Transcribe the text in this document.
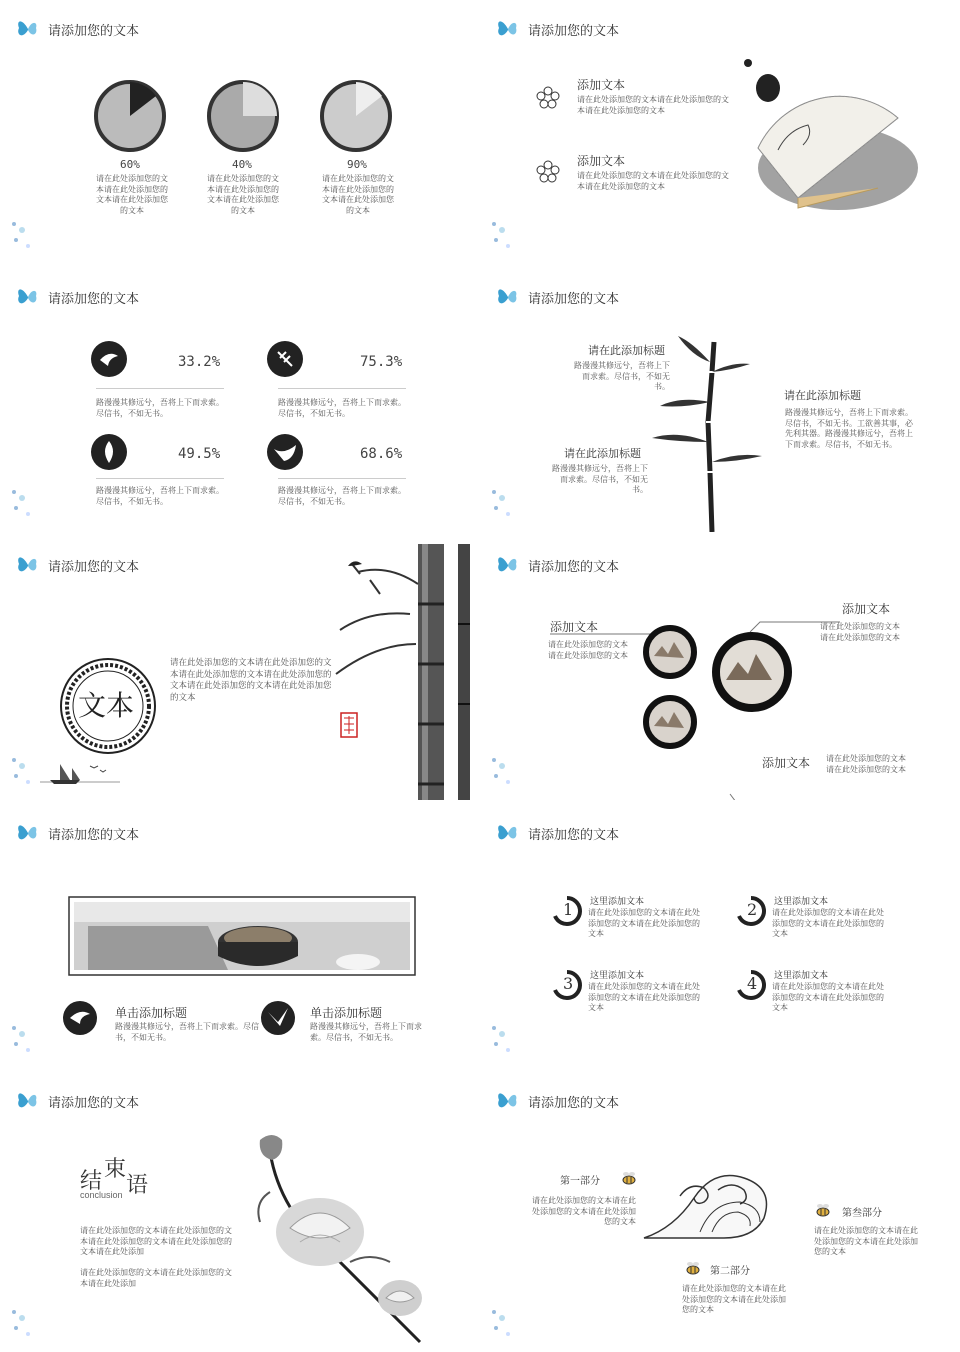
请添加您的文本
60%
请在此处添加您的文本请在此处添加您的文本请在此处添加您的文本
40%
请在此处添加您的文本请在此处添加您的文本请在此处添加您的文本
90%
请在此处添加您的文本请在此处添加您的文本请在此处添加您的文本
请添加您的文本
添加文本
请在此处添加您的文本请在此处添加您的文本请在此处添加您的文本
添加文本
请在此处添加您的文本请在此处添加您的文本请在此处添加您的文本
请添加您的文本
33.2%
路漫漫其修远兮，吾将上下而求索。尽信书，不如无书。
75.3%
路漫漫其修远兮，吾将上下而求索。尽信书，不如无书。
49.5%
路漫漫其修远兮，吾将上下而求索。尽信书，不如无书。
68.6%
路漫漫其修远兮，吾将上下而求索。尽信书，不如无书。
请添加您的文本
请在此添加标题
路漫漫其修远兮，吾将上下而求索。尽信书，不如无书。
请在此添加标题
路漫漫其修远兮，吾将上下而求索。尽信书，不如无书。工欲善其事，必先利其器。路漫漫其修远兮，吾将上下而求索。尽信书，不如无书。
请在此添加标题
路漫漫其修远兮，吾将上下而求索。尽信书，不如无书。
请添加您的文本
文本
请在此处添加您的文本请在此处添加您的文本请在此处添加您的文本请在此处添加您的文本请在此处添加您的文本请在此处添加您的文本
请添加您的文本
添加文本
请在此处添加您的文本请在此处添加您的文本
添加文本
请在此处添加您的文本请在此处添加您的文本
添加文本 请在此处添加您的文本请在此处添加您的文本
请添加您的文本
单击添加标题
路漫漫其修远兮，吾将上下而求索。尽信书，不如无书。
单击添加标题
路漫漫其修远兮，吾将上下而求索。尽信书，不如无书。
请添加您的文本
1 这里添加文本
请在此处添加您的文本请在此处添加您的文本请在此处添加您的文本
2 这里添加文本
请在此处添加您的文本请在此处添加您的文本请在此处添加您的文本
3 这里添加文本
请在此处添加您的文本请在此处添加您的文本请在此处添加您的文本
4 这里添加文本
请在此处添加您的文本请在此处添加您的文本请在此处添加您的文本
请添加您的文本
结 束
语
conclusion
请在此处添加您的文本请在此处添加您的文本请在此处添加您的文本请在此处添加您的文本请在此处添加
请在此处添加您的文本请在此处添加您的文本请在此处添加
请添加您的文本
第一部分
请在此处添加您的文本请在此处添加您的文本请在此处添加您的文本
第二部分
请在此处添加您的文本请在此处添加您的文本请在此处添加您的文本
第叁部分
请在此处添加您的文本请在此处添加您的文本请在此处添加您的文本
